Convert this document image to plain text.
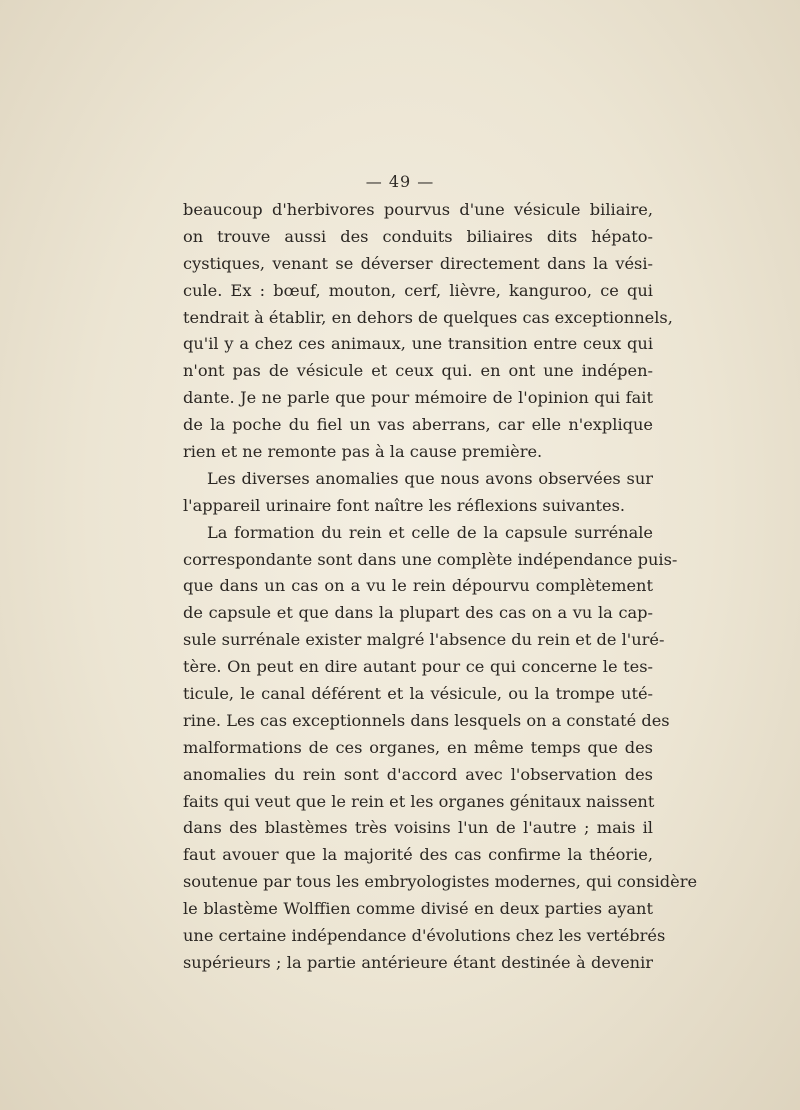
— 49 —
beaucoup d'herbivores pourvus d'une vésicule biliaire,
on trouve aussi des conduits biliaires dits hépato-
cystiques, venant se déverser directement dans la vési-
cule. Ex : bœuf, mouton, cerf, lièvre, kanguroo, ce qui
tendrait à établir, en dehors de quelques cas exceptionnels,
qu'il y a chez ces animaux, une transition entre ceux qui
n'ont pas de vésicule et ceux qui. en ont une indépen-
dante. Je ne parle que pour mémoire de l'opinion qui fait
de la poche du fiel un vas aberrans, car elle n'explique
rien et ne remonte pas à la cause première.
Les diverses anomalies que nous avons observées sur
l'appareil urinaire font naître les réflexions suivantes.
La formation du rein et celle de la capsule surrénale
correspondante sont dans une complète indépendance puis-
que dans un cas on a vu le rein dépourvu complètement
de capsule et que dans la plupart des cas on a vu la cap-
sule surrénale exister malgré l'absence du rein et de l'uré-
tère. On peut en dire autant pour ce qui concerne le tes-
ticule, le canal déférent et la vésicule, ou la trompe uté-
rine. Les cas exceptionnels dans lesquels on a constaté des
malformations de ces organes, en même temps que des
anomalies du rein sont d'accord avec l'observation des
faits qui veut que le rein et les organes génitaux naissent
dans des blastèmes très voisins l'un de l'autre ; mais il
faut avouer que la majorité des cas confirme la théorie,
soutenue par tous les embryologistes modernes, qui considère
le blastème Wolffien comme divisé en deux parties ayant
une certaine indépendance d'évolutions chez les vertébrés
supérieurs ; la partie antérieure étant destinée à devenir
